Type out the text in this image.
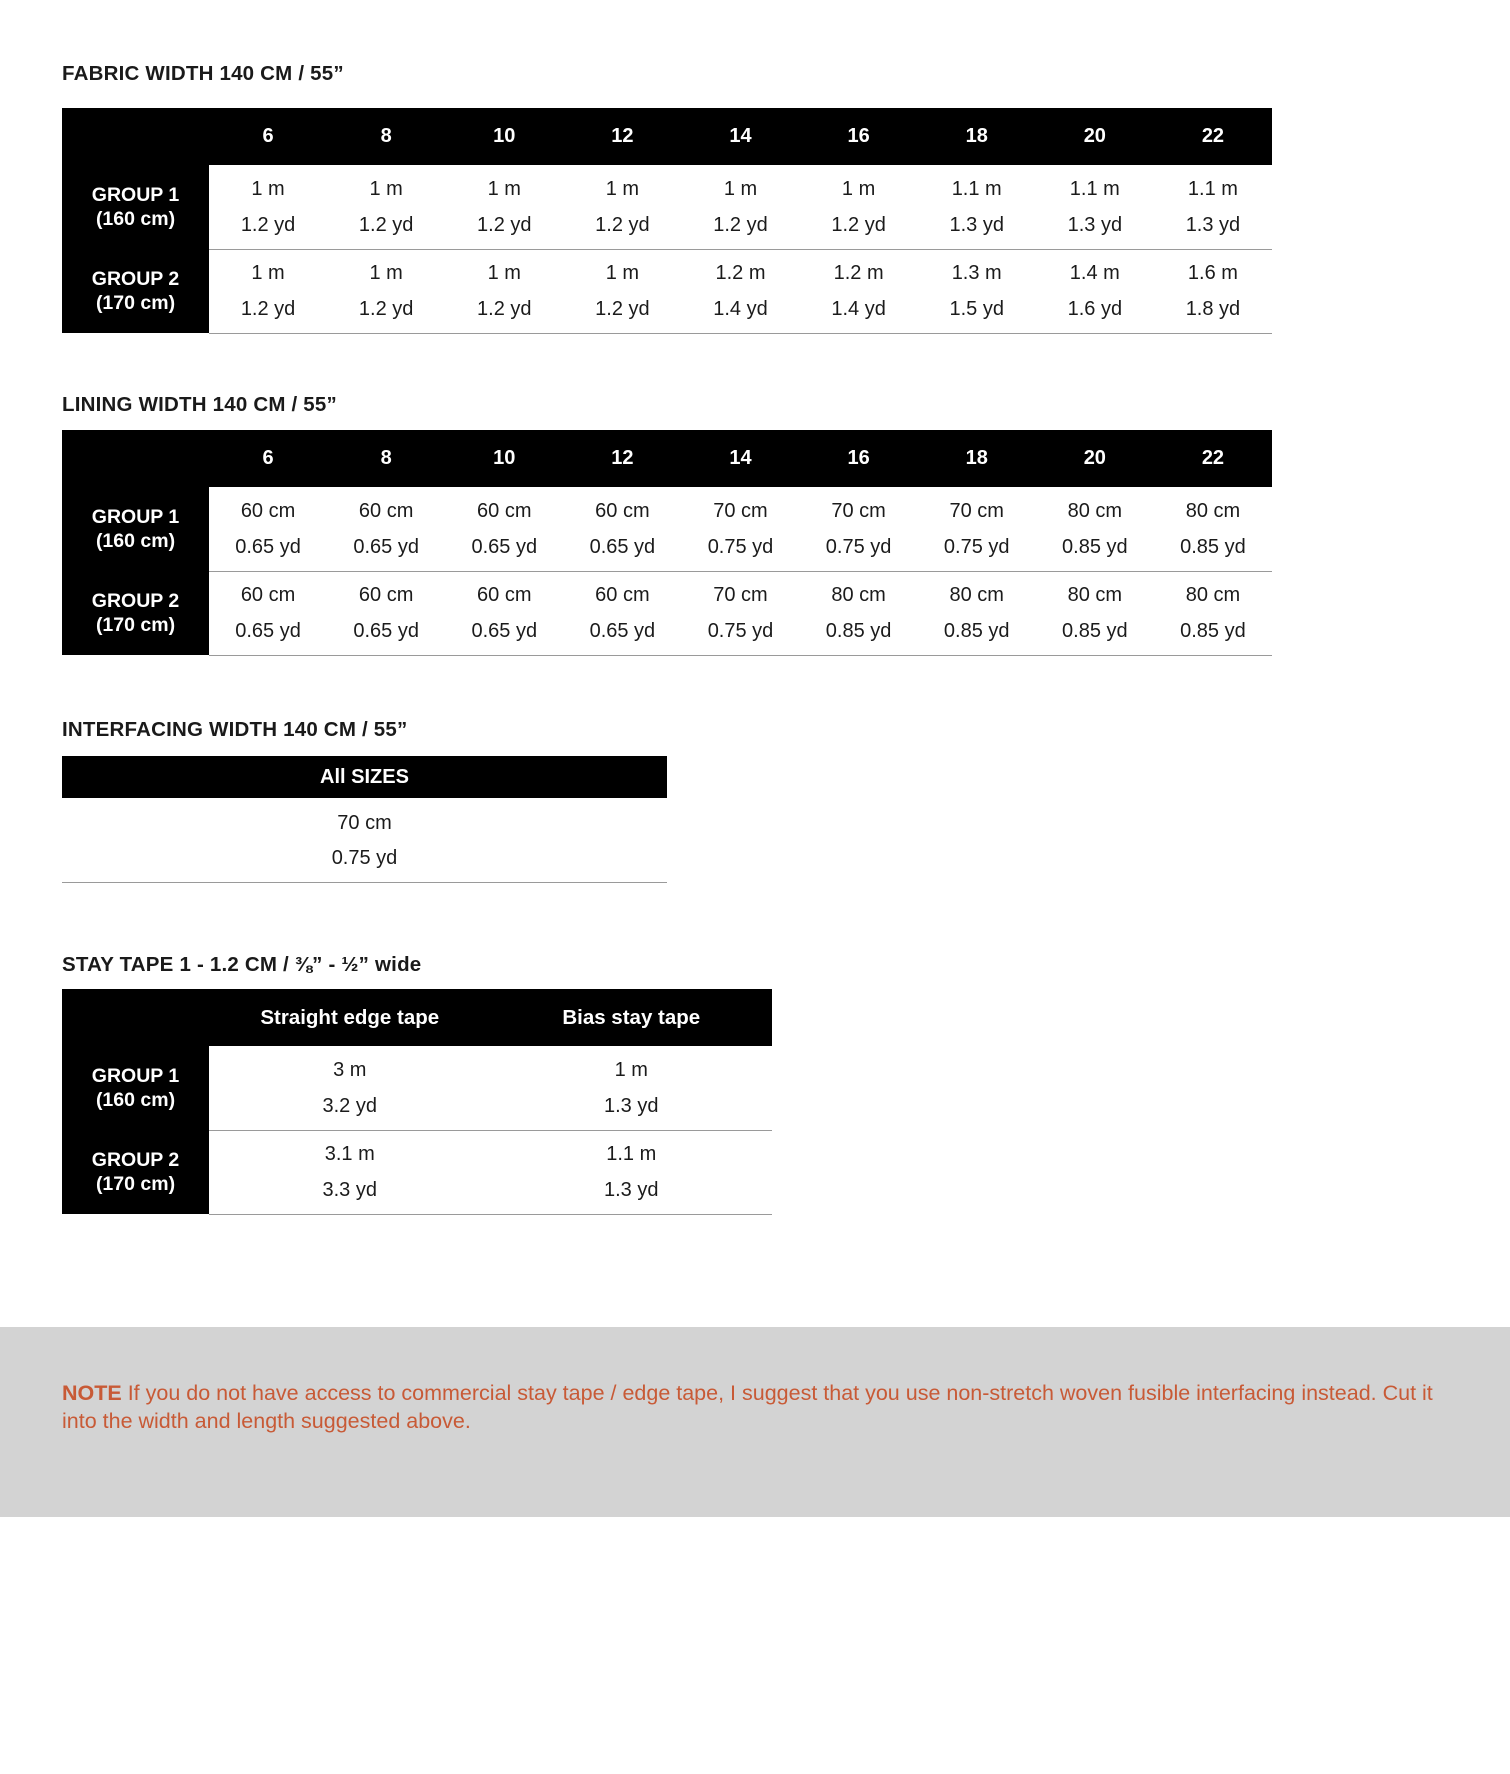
FABRIC WIDTH 140 CM / 55”
	6	8	10	12	14	16	18	20	22
GROUP 1
(160 cm)	1 m	1 m	1 m	1 m	1 m	1 m	1.1 m	1.1 m	1.1 m
	1.2 yd	1.2 yd	1.2 yd	1.2 yd	1.2 yd	1.2 yd	1.3 yd	1.3 yd	1.3 yd
GROUP 2
(170 cm)	1 m	1 m	1 m	1 m	1.2 m	1.2 m	1.3 m	1.4 m	1.6 m
	1.2 yd	1.2 yd	1.2 yd	1.2 yd	1.4 yd	1.4 yd	1.5 yd	1.6 yd	1.8 yd
LINING WIDTH 140 CM / 55”
	6	8	10	12	14	16	18	20	22
GROUP 1
(160 cm)	60 cm	60 cm	60 cm	60 cm	70 cm	70 cm	70 cm	80 cm	80 cm
	0.65 yd	0.65 yd	0.65 yd	0.65 yd	0.75 yd	0.75 yd	0.75 yd	0.85 yd	0.85 yd
GROUP 2
(170 cm)	60 cm	60 cm	60 cm	60 cm	70 cm	80 cm	80 cm	80 cm	80 cm
	0.65 yd	0.65 yd	0.65 yd	0.65 yd	0.75 yd	0.85 yd	0.85 yd	0.85 yd	0.85 yd
INTERFACING WIDTH 140 CM / 55”
All SIZES
70 cm
0.75 yd
STAY TAPE 1 - 1.2 CM / ⅜” - ½” wide
	Straight edge tape	Bias stay tape
GROUP 1
(160 cm)	3 m	1 m
	3.2 yd	1.3 yd
GROUP 2
(170 cm)	3.1 m	1.1 m
	3.3 yd	1.3 yd

NOTE If you do not have access to commercial stay tape / edge tape, I suggest that you use non-stretch woven fusible interfacing instead. Cut it into the width and length suggested above.
